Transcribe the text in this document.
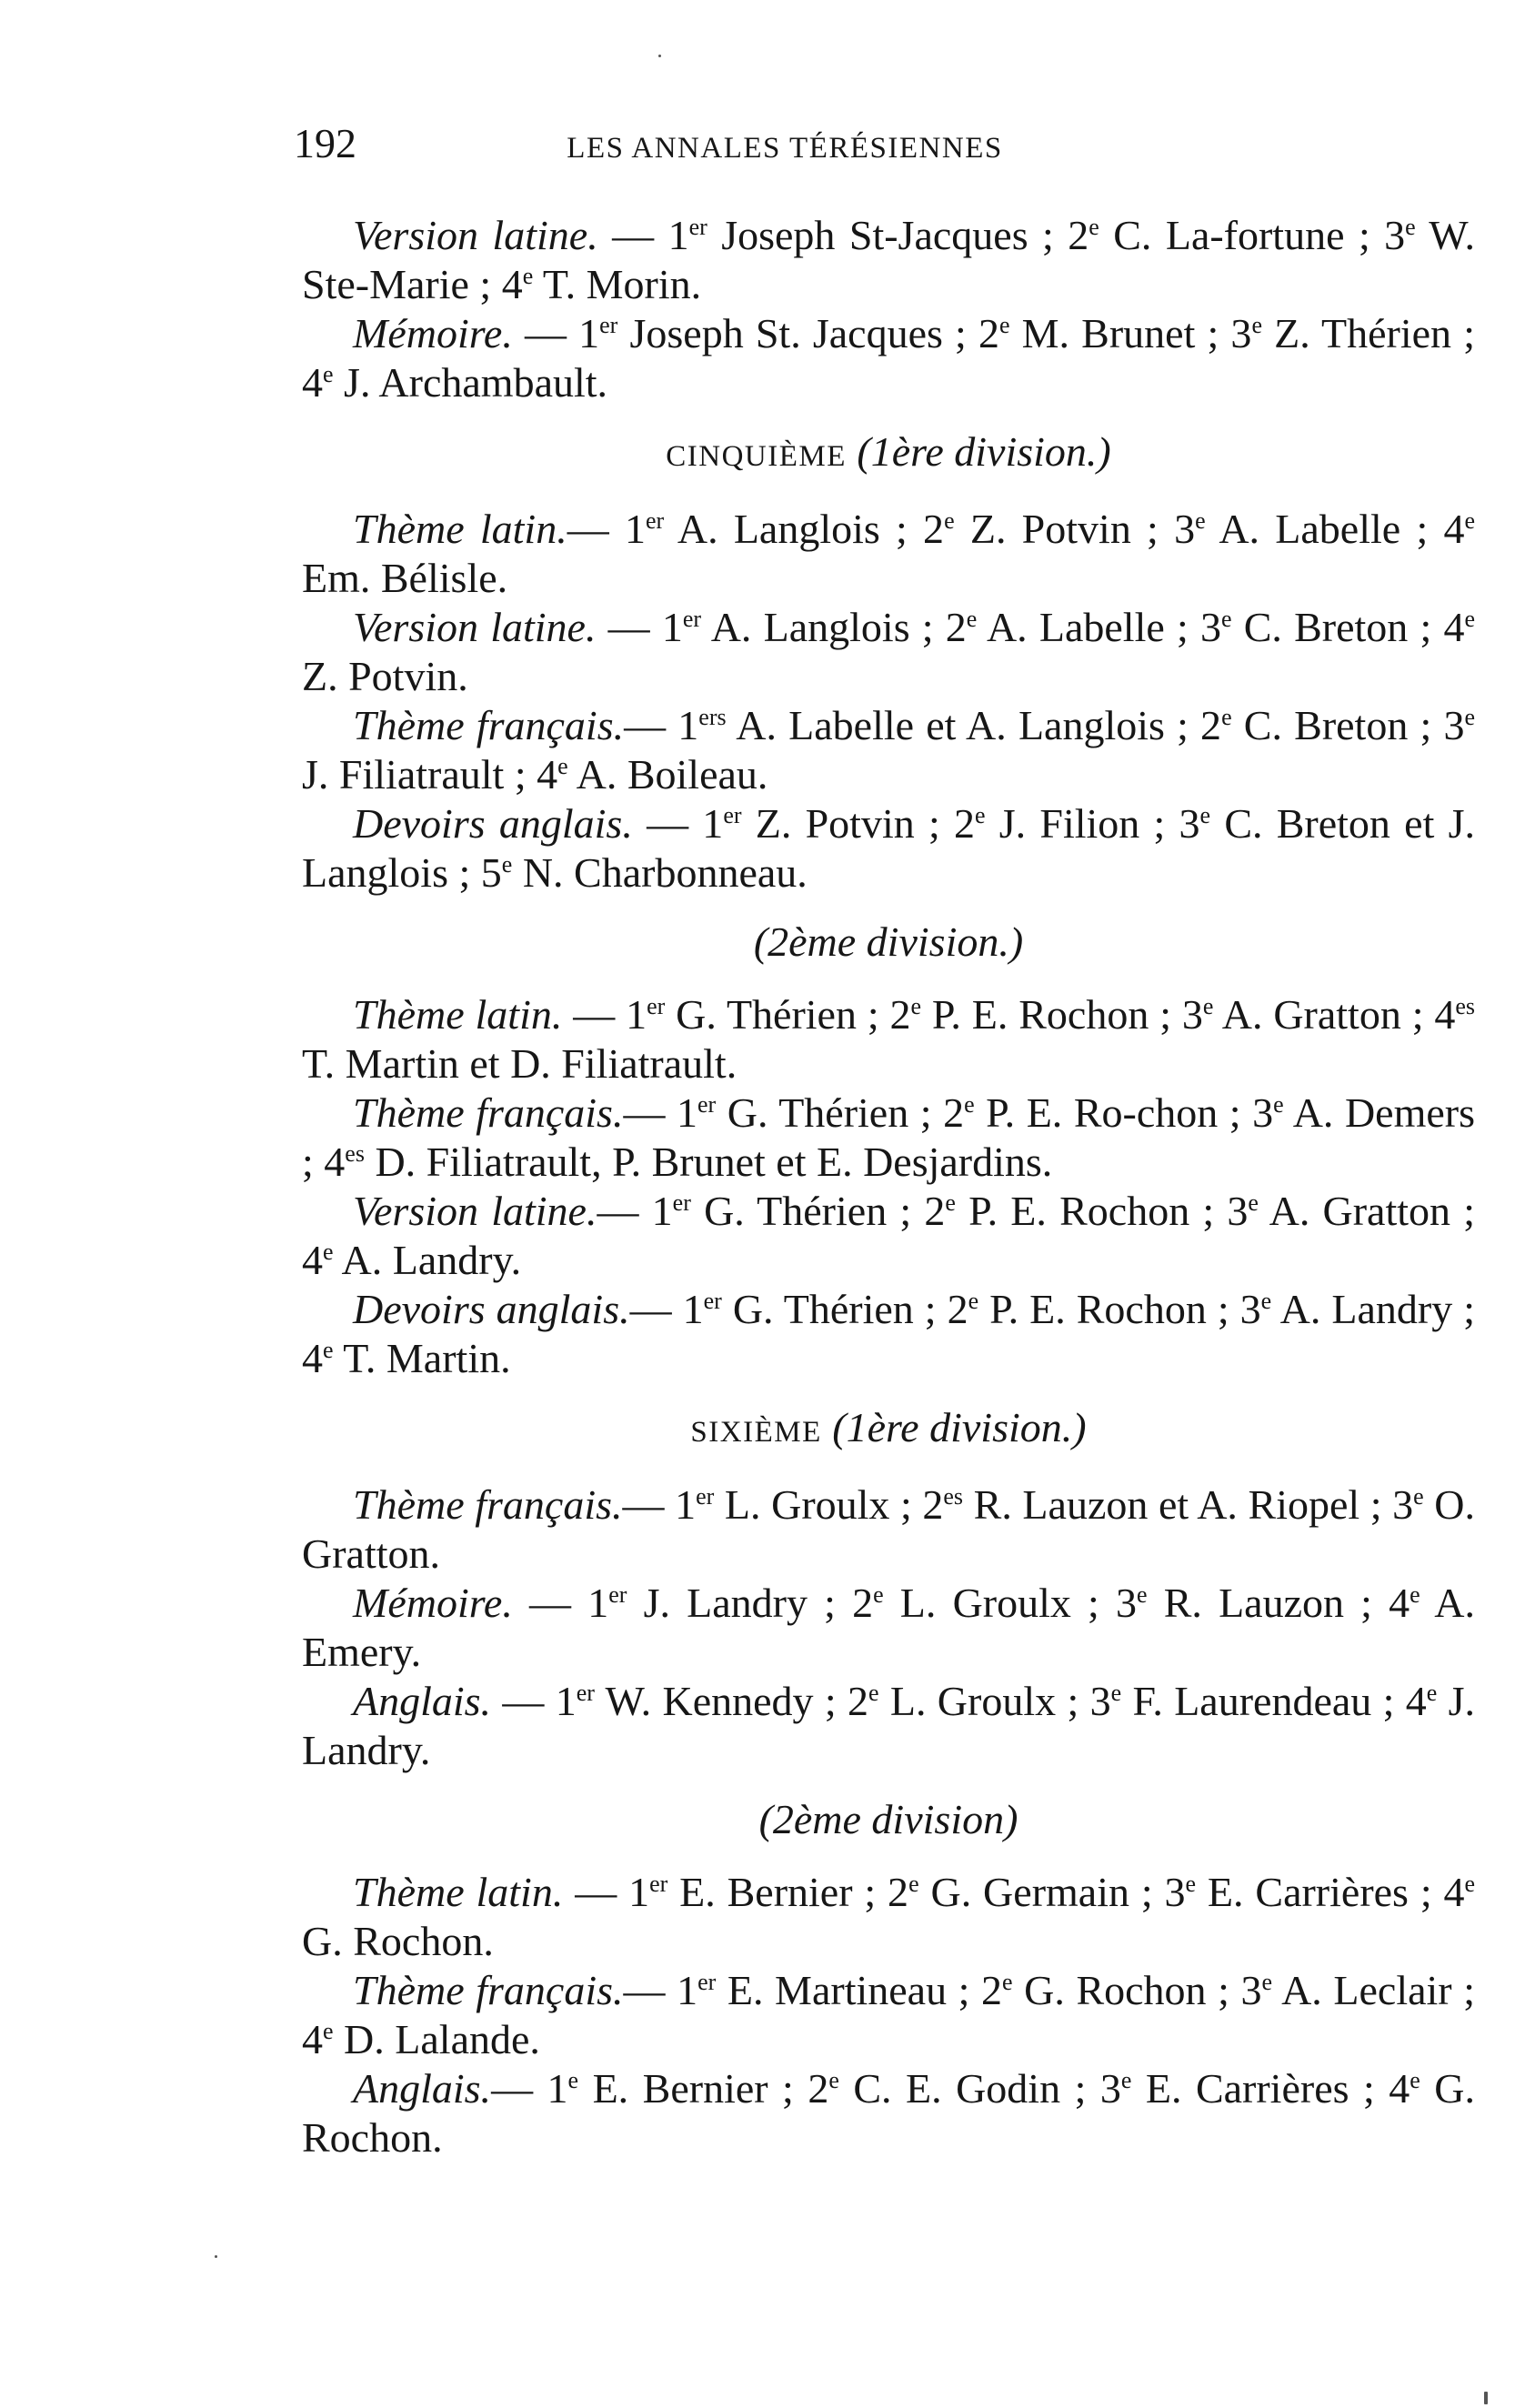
192	LES ANNALES TÉRÉSIENNES

Version latine. — 1er Joseph St-Jacques ; 2e C. La-fortune ; 3e W. Ste-Marie ; 4e T. Morin.

Mémoire. — 1er Joseph St. Jacques ; 2e M. Brunet ; 3e Z. Thérien ; 4e J. Archambault.

CINQUIÈME (1ère division.)

Thème latin.— 1er A. Langlois ; 2e Z. Potvin ; 3e A. Labelle ; 4e Em. Bélisle.

Version latine. — 1er A. Langlois ; 2e A. Labelle ; 3e C. Breton ; 4e Z. Potvin.

Thème français.— 1ers A. Labelle et A. Langlois ; 2e C. Breton ; 3e J. Filiatrault ; 4e A. Boileau.

Devoirs anglais. — 1er Z. Potvin ; 2e J. Filion ; 3e C. Breton et J. Langlois ; 5e N. Charbonneau.

(2ème division.)

Thème latin. — 1er G. Thérien ; 2e P. E. Rochon ; 3e A. Gratton ; $4^{es}$ T. Martin et D. Filiatrault.

Thème français.— 1er G. Thérien ; 2e P. E. Ro-chon ; 3e A. Demers ; $4^{es}$ D. Filiatrault, P. Brunet et E. Desjardins.

Version latine.— 1er G. Thérien ; 2e P. E. Rochon ; 3e A. Gratton ; 4e A. Landry.

Devoirs anglais.— 1er G. Thérien ; 2e P. E. Rochon ; 3e A. Landry ; 4e T. Martin.

SIXIÈME (1ère division.)

Thème français.— 1er L. Groulx ; $2^{es}$ R. Lauzon et A. Riopel ; 3e O. Gratton.

Mémoire. — 1er J. Landry ; 2e L. Groulx ; 3e R. Lauzon ; 4e A. Emery.

Anglais. — 1er W. Kennedy ; 2e L. Groulx ; 3e F. Laurendeau ; 4e J. Landry.

(2ème division)

Thème latin. — 1er E. Bernier ; 2e G. Germain ; 3e E. Carrières ; 4e G. Rochon.

Thème français.— 1er E. Martineau ; 2e G. Rochon ; 3e A. Leclair ; 4e D. Lalande.

Anglais.— 1e E. Bernier ; 2e C. E. Godin ; 3e E. Carrières ; 4e G. Rochon.
